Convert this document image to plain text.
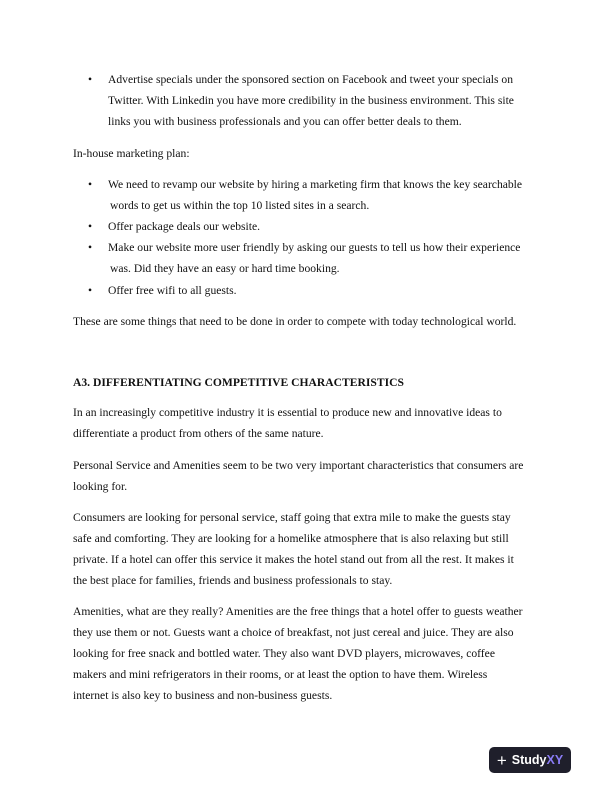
• Advertise specials under the sponsored section on Facebook and tweet your specials on
Twitter. With Linkedin you have more credibility in the business environment. This site
links you with business professionals and you can offer better deals to them.
In-house marketing plan:
• We need to revamp our website by hiring a marketing firm that knows the key searchable
words to get us within the top 10 listed sites in a search.
• Offer package deals our website.
• Make our website more user friendly by asking our guests to tell us how their experience
was. Did they have an easy or hard time booking.
• Offer free wifi to all guests.
These are some things that need to be done in order to compete with today technological world.
A3. DIFFERENTIATING COMPETITIVE CHARACTERISTICS
In an increasingly competitive industry it is essential to produce new and innovative ideas to
differentiate a product from others of the same nature.
Personal Service and Amenities seem to be two very important characteristics that consumers are
looking for.
Consumers are looking for personal service, staff going that extra mile to make the guests stay
safe and comforting. They are looking for a homelike atmosphere that is also relaxing but still
private. If a hotel can offer this service it makes the hotel stand out from all the rest. It makes it
the best place for families, friends and business professionals to stay.
Amenities, what are they really? Amenities are the free things that a hotel offer to guests weather
they use them or not. Guests want a choice of breakfast, not just cereal and juice. They are also
looking for free snack and bottled water. They also want DVD players, microwaves, coffee
makers and mini refrigerators in their rooms, or at least the option to have them. Wireless
internet is also key to business and non-business guests.
+ Study XY
